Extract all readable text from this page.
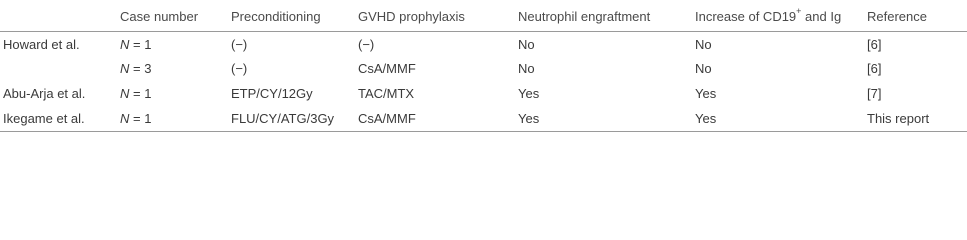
	Case number	Preconditioning	GVHD prophylaxis	Neutrophil engraftment	Increase of CD19+ and Ig	Reference
Howard et al.	N = 1	(−)	(−)	No	No	[6]
	N = 3	(−)	CsA/MMF	No	No	[6]
Abu-Arja et al.	N = 1	ETP/CY/12Gy	TAC/MTX	Yes	Yes	[7]
Ikegame et al.	N = 1	FLU/CY/ATG/3Gy	CsA/MMF	Yes	Yes	This report
